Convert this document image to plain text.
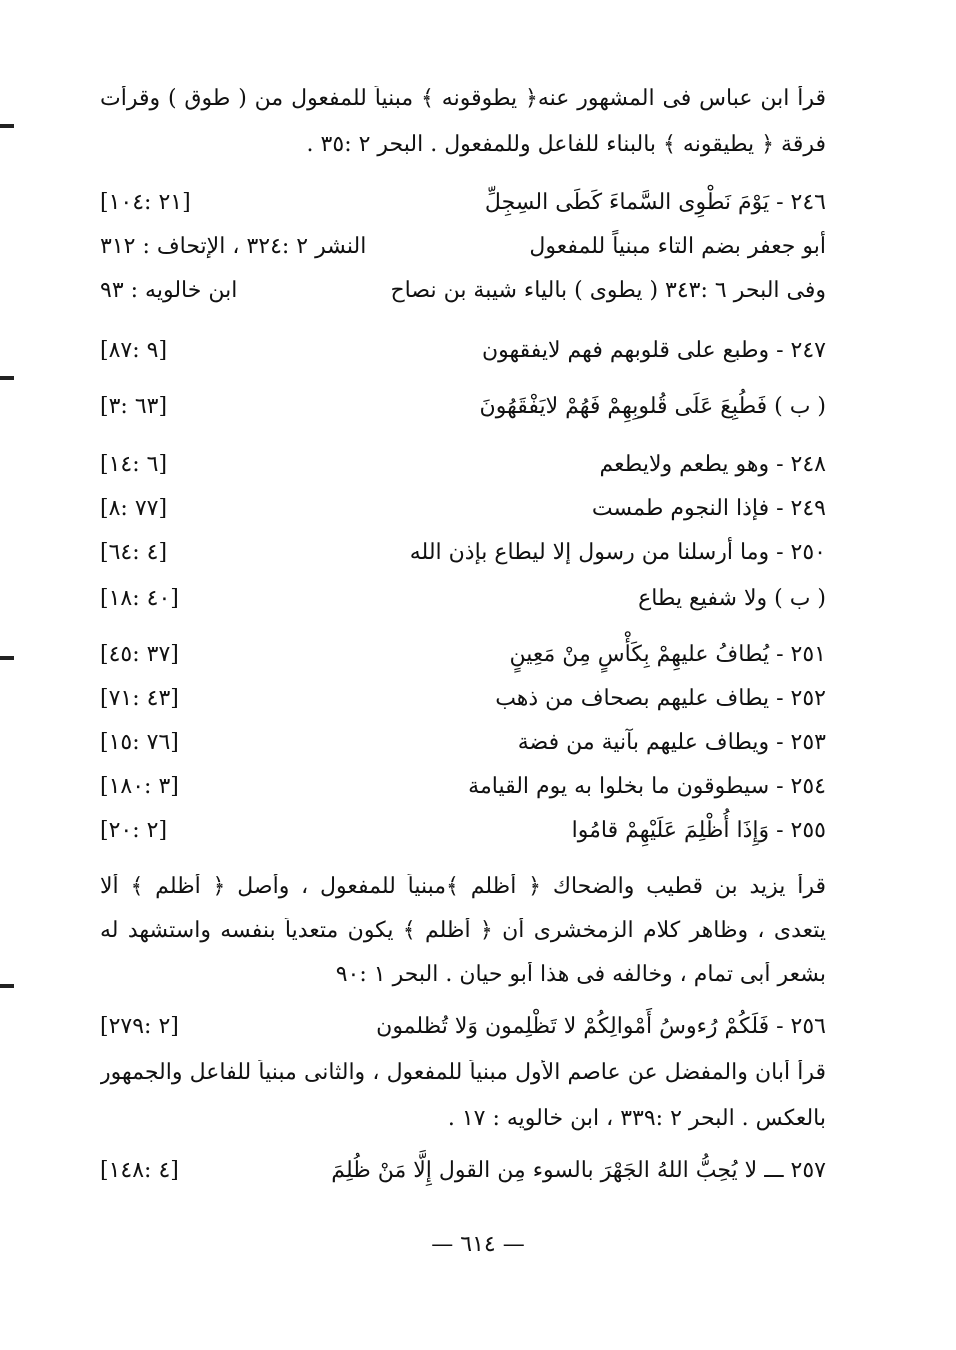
قرأ ابن عباس فى المشهور عنه﴿ يطوقونه ﴾ مبنياً للمفعول من ( طوق ) وقرأت
فرقة ﴿ يطيقونه ﴾ بالبناء للفاعل وللمفعول . البحر ٢ :٣٥ .
٢٤٦ - يَوْمَ نَطْوِى السَّماءَ كَطَى السِجِلِّ
[٢١ :١٠٤]
أبو جعفر بضم التاء مبنياً للمفعول
النشر ٢ :٣٢٤ ، الإتحاف : ٣١٢
وفى البحر ٦ :٣٤٣ ( يطوى ) بالياء شيبة بن نصاح
ابن خالويه : ٩٣
٢٤٧ - وطبع على قلوبهم فهم لايفقهون
[٩ :٨٧]
( ب ) فَطُبِعَ عَلَى قُلوبِهِمْ فَهُمْ لايَفْقَهُونَ
[٦٣ :٣]
٢٤٨ - وهو يطعم ولايطعم
[٦ :١٤]
٢٤٩ - فإذا النجوم طمست
[٧٧ :٨]
٢٥٠ - وما أرسلنا من رسول إلا ليطاع بإذن الله
[٤ :٦٤]
( ب ) ولا شفيع يطاع
[٤٠ :١٨]
٢٥١ - يُطافُ عليهِمْ بِكَأْسٍ مِنْ مَعِينٍ
[٣٧ :٤٥]
٢٥٢ - يطاف عليهم بصحاف من ذهب
[٤٣ :٧١]
٢٥٣ - ويطاف عليهم بآنية من فضة
[٧٦ :١٥]
٢٥٤ - سيطوقون ما بخلوا به يوم القيامة
[٣ :١٨٠]
٢٥٥ - وَإِذَا أُظْلِمَ عَلَيْهِمْ قامُوا
[٢ :٢٠]
قرأ يزيد بن قطيب والضحاك ﴿ أظلم ﴾مبنياً للمفعول ، وأصل ﴿ أظلم ﴾ ألا
يتعدى ، وظاهر كلام الزمخشرى أن ﴿ أظلم ﴾ يكون متعدياً بنفسه واستشهد له
بشعر أبى تمام ، وخالفه فى هذا أبو حيان . البحر ١ :٩٠
٢٥٦ - فَلَكُمْ رُءوسُ أَمْوالِكُمْ لا تَظْلِمون وَلا تُظلمون
[٢ :٢٧٩]
قرأ أبان والمفضل عن عاصم الأول مبنياً للمفعول ، والثانى مبنياً للفاعل والجمهور
بالعكس . البحر ٢ :٣٣٩ ، ابن خالويه : ١٧ .
٢٥٧ ـــ لا يُحِبُّ اللهُ الجَهْرَ بالسوء مِن القول إِلَّا مَنْ ظُلِمَ
[٤ :١٤٨]
— ٦١٤ —
